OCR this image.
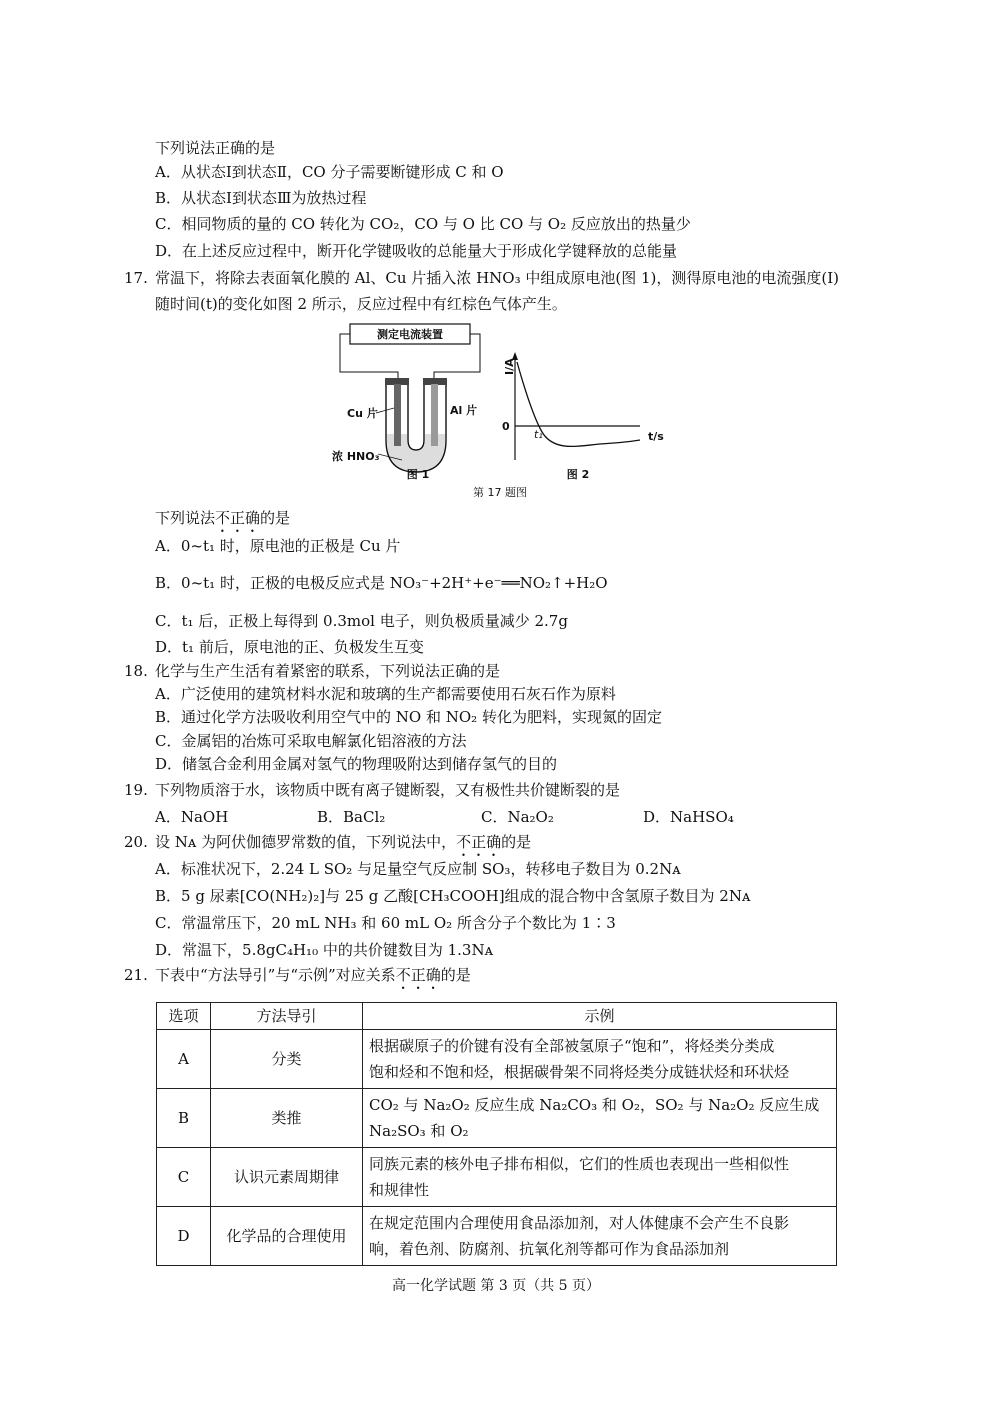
下列说法正确的是
A．从状态Ⅰ到状态Ⅱ，CO 分子需要断键形成 C 和 O
B．从状态Ⅰ到状态Ⅲ为放热过程
C．相同物质的量的 CO 转化为 CO₂，CO 与 O 比 CO 与 O₂ 反应放出的热量少
D．在上述反应过程中，断开化学键吸收的总能量大于形成化学键释放的总能量
17. 常温下，将除去表面氧化膜的 Al、Cu 片插入浓 HNO₃ 中组成原电池(图 1)，测得原电池的电流强度(I)
随时间(t)的变化如图 2 所示，反应过程中有红棕色气体产生。
测定电流装置
Cu 片	Al 片
浓 HNO₃
图 1
I/A
0
t₁	t/s
图 2
第 17 题图
下列说法不正确的是
A．0~t₁ 时，原电池的正极是 Cu 片
B．0~t₁ 时，正极的电极反应式是 NO₃⁻+2H⁺+e⁻══NO₂↑+H₂O
C．t₁ 后，正极上每得到 0.3mol 电子，则负极质量减少 2.7g
D．t₁ 前后，原电池的正、负极发生互变
18. 化学与生产生活有着紧密的联系，下列说法正确的是
A．广泛使用的建筑材料水泥和玻璃的生产都需要使用石灰石作为原料
B．通过化学方法吸收利用空气中的 NO 和 NO₂ 转化为肥料，实现氮的固定
C．金属铝的冶炼可采取电解氯化铝溶液的方法
D．储氢合金利用金属对氢气的物理吸附达到储存氢气的目的
19. 下列物质溶于水，该物质中既有离子键断裂，又有极性共价键断裂的是
A．NaOH	B．BaCl₂	C．Na₂O₂	D．NaHSO₄
20. 设 Nᴀ 为阿伏伽德罗常数的值，下列说法中，不正确的是
A．标准状况下，2.24 L SO₂ 与足量空气反应制 SO₃，转移电子数目为 0.2Nᴀ
B．5 g 尿素[CO(NH₂)₂]与 25 g 乙酸[CH₃COOH]组成的混合物中含氢原子数目为 2Nᴀ
C．常温常压下，20 mL NH₃ 和 60 mL O₂ 所含分子个数比为 1∶3
D．常温下，5.8gC₄H₁₀ 中的共价键数目为 1.3Nᴀ
21. 下表中“方法导引”与“示例”对应关系不正确的是
选项	方法导引	示例
A	分类	根据碳原子的价键有没有全部被氢原子“饱和”，将烃类分类成
饱和烃和不饱和烃，根据碳骨架不同将烃类分成链状烃和环状烃

B	类推	CO₂ 与 Na₂O₂ 反应生成 Na₂CO₃ 和 O₂，SO₂ 与 Na₂O₂ 反应生成
Na₂SO₃ 和 O₂

C	认识元素周期律	同族元素的核外电子排布相似，它们的性质也表现出一些相似性
和规律性

D	化学品的合理使用	在规定范围内合理使用食品添加剂，对人体健康不会产生不良影
响，着色剂、防腐剂、抗氧化剂等都可作为食品添加剂
高一化学试题 第 3 页（共 5 页）
